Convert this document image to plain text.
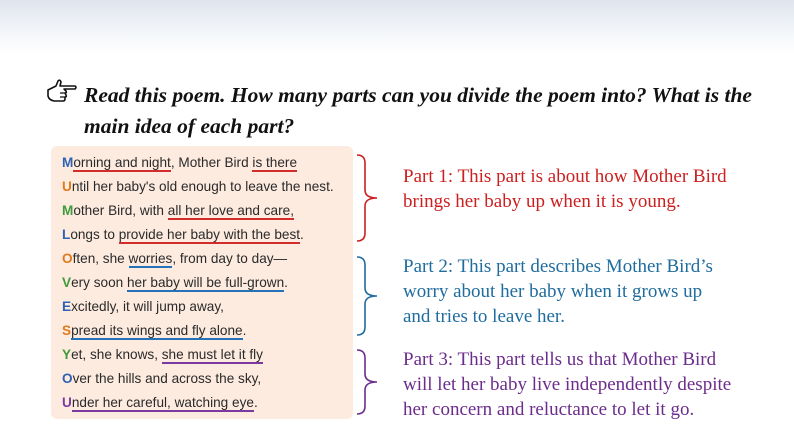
Read this poem. How many parts can you divide the poem into? What is the
main idea of each part?
Morning and night, Mother Bird is there
Until her baby's old enough to leave the nest.
Mother Bird, with all her love and care,
Longs to provide her baby with the best.
Often, she worries, from day to day—
Very soon her baby will be full-grown.
Excitedly, it will jump away,
Spread its wings and fly alone.
Yet, she knows, she must let it fly
Over the hills and across the sky,
Under her careful, watching eye.
Part 1: This part is about how Mother Bird
brings her baby up when it is young.
Part 2: This part describes Mother Bird’s
worry about her baby when it grows up
and tries to leave her.
Part 3: This part tells us that Mother Bird
will let her baby live independently despite
her concern and reluctance to let it go.
